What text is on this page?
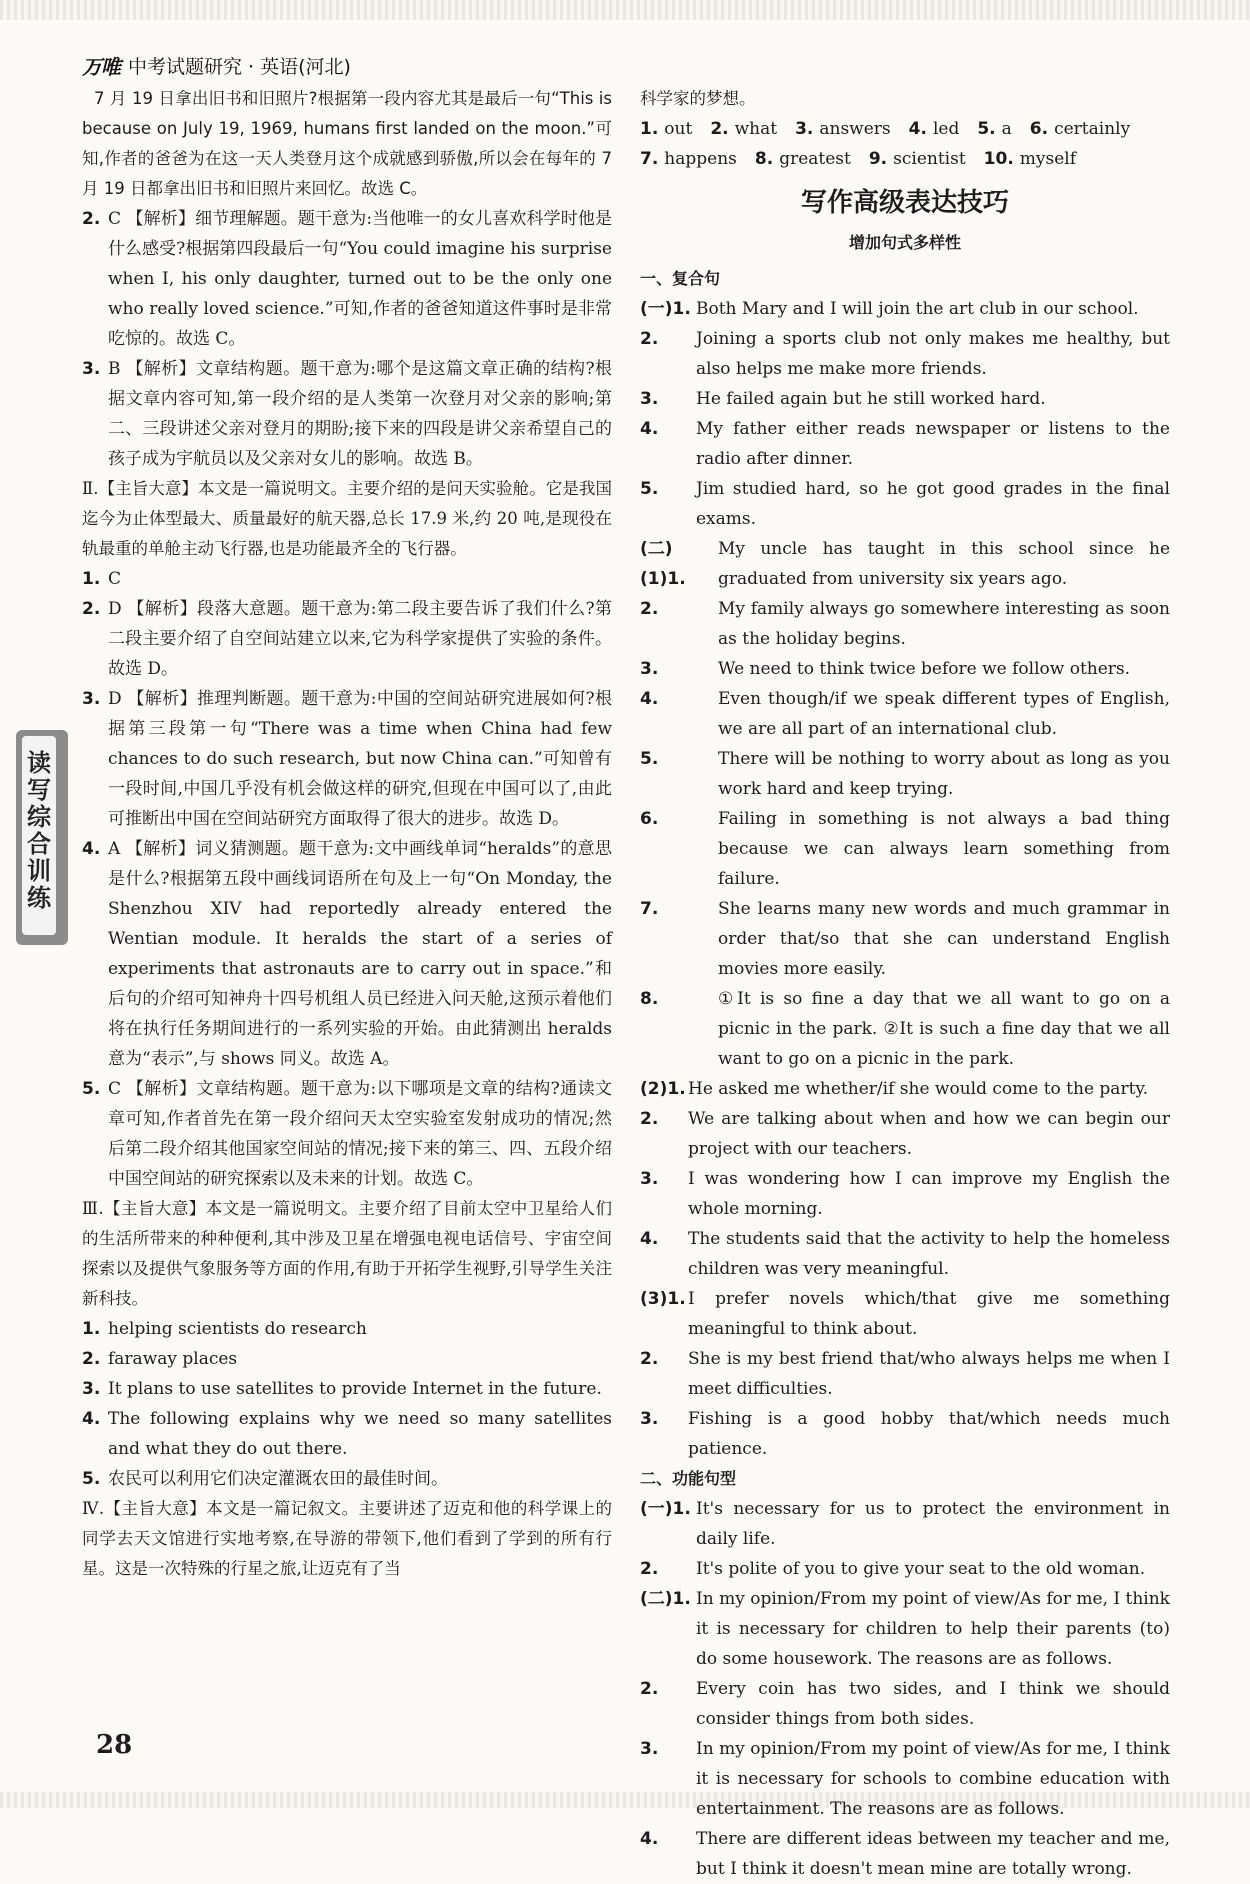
万唯 中考试题研究 · 英语(河北)
读
写
综
合
训
练

7 月 19 日拿出旧书和旧照片?根据第一段内容尤其是最后一句“This is because on July 19, 1969, humans first landed on the moon.”可知,作者的爸爸为在这一天人类登月这个成就感到骄傲,所以会在每年的 7 月 19 日都拿出旧书和旧照片来回忆。故选 C。

2. C 【解析】细节理解题。题干意为:当他唯一的女儿喜欢科学时他是什么感受?根据第四段最后一句“You could imagine his surprise when I, his only daughter, turned out to be the only one who really loved science.”可知,作者的爸爸知道这件事时是非常吃惊的。故选 C。
3. B 【解析】文章结构题。题干意为:哪个是这篇文章正确的结构?根据文章内容可知,第一段介绍的是人类第一次登月对父亲的影响;第二、三段讲述父亲对登月的期盼;接下来的四段是讲父亲希望自己的孩子成为宇航员以及父亲对女儿的影响。故选 B。

Ⅱ.【主旨大意】本文是一篇说明文。主要介绍的是问天实验舱。它是我国迄今为止体型最大、质量最好的航天器,总长 17.9 米,约 20 吨,是现役在轨最重的单舱主动飞行器,也是功能最齐全的飞行器。

1. C
2. D 【解析】段落大意题。题干意为:第二段主要告诉了我们什么?第二段主要介绍了自空间站建立以来,它为科学家提供了实验的条件。故选 D。
3. D 【解析】推理判断题。题干意为:中国的空间站研究进展如何?根据第三段第一句“There was a time when China had few chances to do such research, but now China can.”可知曾有一段时间,中国几乎没有机会做这样的研究,但现在中国可以了,由此可推断出中国在空间站研究方面取得了很大的进步。故选 D。
4. A 【解析】词义猜测题。题干意为:文中画线单词“heralds”的意思是什么?根据第五段中画线词语所在句及上一句“On Monday, the Shenzhou XIV had reportedly already entered the Wentian module. It heralds the start of a series of experiments that astronauts are to carry out in space.”和后句的介绍可知神舟十四号机组人员已经进入问天舱,这预示着他们将在执行任务期间进行的一系列实验的开始。由此猜测出 heralds 意为“表示”,与 shows 同义。故选 A。
5. C 【解析】文章结构题。题干意为:以下哪项是文章的结构?通读文章可知,作者首先在第一段介绍问天太空实验室发射成功的情况;然后第二段介绍其他国家空间站的情况;接下来的第三、四、五段介绍中国空间站的研究探索以及未来的计划。故选 C。

Ⅲ.【主旨大意】本文是一篇说明文。主要介绍了目前太空中卫星给人们的生活所带来的种种便利,其中涉及卫星在增强电视电话信号、宇宙空间探索以及提供气象服务等方面的作用,有助于开拓学生视野,引导学生关注新科技。

1. helping scientists do research
2. faraway places
3. It plans to use satellites to provide Internet in the future.
4. The following explains why we need so many satellites and what they do out there.
5. 农民可以利用它们决定灌溉农田的最佳时间。

Ⅳ.【主旨大意】本文是一篇记叙文。主要讲述了迈克和他的科学课上的同学去天文馆进行实地考察,在导游的带领下,他们看到了学到的所有行星。这是一次特殊的行星之旅,让迈克有了当

科学家的梦想。

1. out 2. what 3. answers 4. led 5. a 6. certainly
7. happens 8. greatest 9. scientist 10. myself
写作高级表达技巧
增加句式多样性
一、复合句
(一)1. Both Mary and I will join the art club in our school.
2.	Joining a sports club not only makes me healthy, but also helps me make more friends.
3.	He failed again but he still worked hard.
4.	My father either reads newspaper or listens to the radio after dinner.
5.	Jim studied hard, so he got good grades in the final exams.
(二)(1)1.
My uncle has taught in this school since he graduated from university six years ago.
2.	My family always go somewhere interesting as soon as the holiday begins.
3.	We need to think twice before we follow others.
4.	Even though/if we speak different types of English, we are all part of an international club.
5.	There will be nothing to worry about as long as you work hard and keep trying.
6.	Failing in something is not always a bad thing because we can always learn something from failure.
7.	She learns many new words and much grammar in order that/so that she can understand English movies more easily.
8.	①It is so fine a day that we all want to go on a picnic in the park. ②It is such a fine day that we all want to go on a picnic in the park.
(2)1. He asked me whether/if she would come to the party.
2.	We are talking about when and how we can begin our project with our teachers.
3.	I was wondering how I can improve my English the whole morning.
4.	The students said that the activity to help the homeless children was very meaningful.
(3)1. I prefer novels which/that give me something meaningful to think about.
2.	She is my best friend that/who always helps me when I meet difficulties.
3.	Fishing is a good hobby that/which needs much patience.
二、功能句型
(一)1. It's necessary for us to protect the environment in daily life.
2.	It's polite of you to give your seat to the old woman.
(二)1. In my opinion/From my point of view/As for me, I think it is necessary for children to help their parents (to) do some housework. The reasons are as follows.
2.	Every coin has two sides, and I think we should consider things from both sides.
3.	In my opinion/From my point of view/As for me, I think it is necessary for schools to combine education with entertainment. The reasons are as follows.
4.	There are different ideas between my teacher and me, but I think it doesn't mean mine are totally wrong.
28
